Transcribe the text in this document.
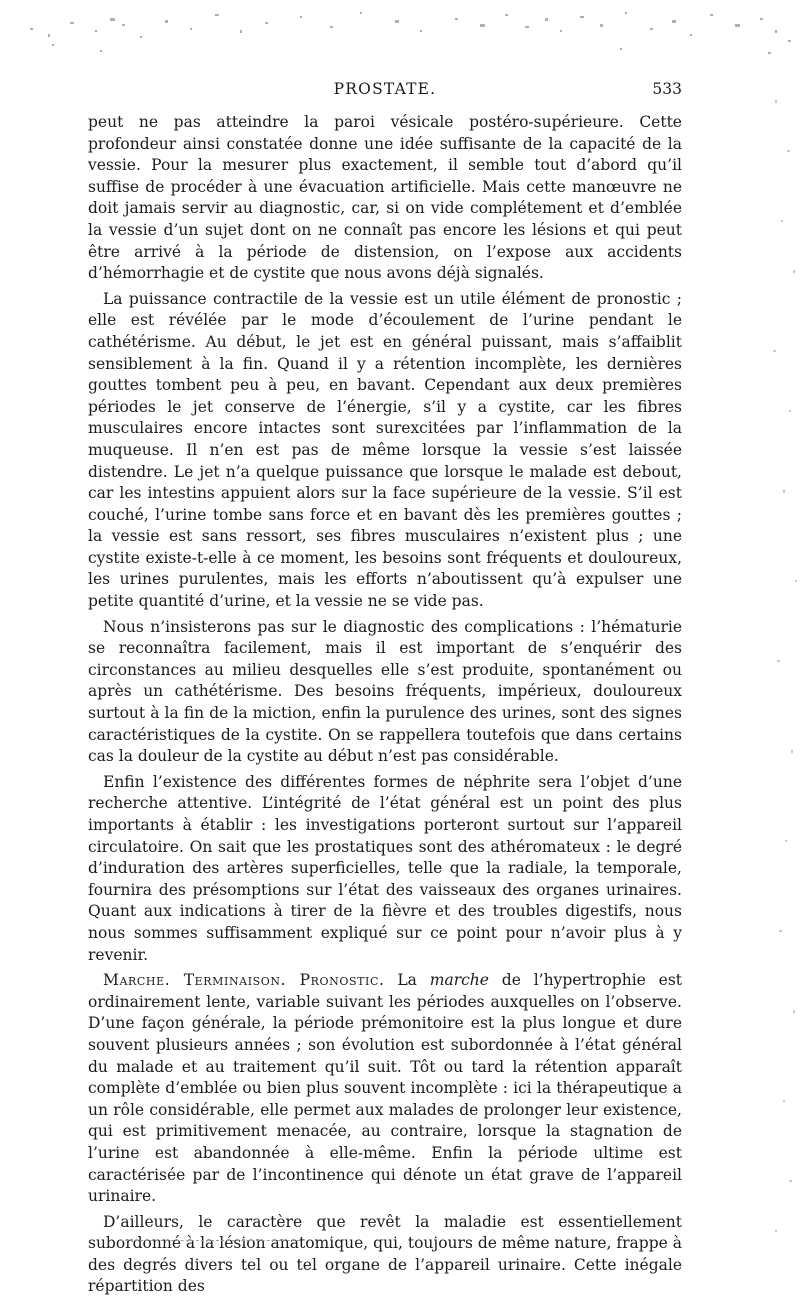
PROSTATE.	533

peut ne pas atteindre la paroi vésicale postéro-supérieure. Cette profondeur ainsi constatée donne une idée suffisante de la capacité de la vessie. Pour la mesurer plus exactement, il semble tout d’abord qu’il suffise de procéder à une évacuation artificielle. Mais cette manœuvre ne doit jamais servir au diagnostic, car, si on vide complétement et d’emblée la vessie d’un sujet dont on ne connaît pas encore les lésions et qui peut être arrivé à la période de distension, on l’expose aux accidents d’hémorrhagie et de cystite que nous avons déjà signalés.

La puissance contractile de la vessie est un utile élément de pronostic ; elle est révélée par le mode d’écoulement de l’urine pendant le cathétérisme. Au début, le jet est en général puissant, mais s’affaiblit sensiblement à la fin. Quand il y a rétention incomplète, les dernières gouttes tombent peu à peu, en bavant. Cependant aux deux premières périodes le jet conserve de l’énergie, s’il y a cystite, car les fibres musculaires encore intactes sont surexcitées par l’inflammation de la muqueuse. Il n’en est pas de même lorsque la vessie s’est laissée distendre. Le jet n’a quelque puissance que lorsque le malade est debout, car les intestins appuient alors sur la face supérieure de la vessie. S’il est couché, l’urine tombe sans force et en bavant dès les premières gouttes ; la vessie est sans ressort, ses fibres musculaires n’existent plus ; une cystite existe-t-elle à ce moment, les besoins sont fréquents et douloureux, les urines purulentes, mais les efforts n’aboutissent qu’à expulser une petite quantité d’urine, et la vessie ne se vide pas.

Nous n’insisterons pas sur le diagnostic des complications : l’hématurie se reconnaîtra facilement, mais il est important de s’enquérir des circonstances au milieu desquelles elle s’est produite, spontanément ou après un cathétérisme. Des besoins fréquents, impérieux, douloureux surtout à la fin de la miction, enfin la purulence des urines, sont des signes caractéristiques de la cystite. On se rappellera toutefois que dans certains cas la douleur de la cystite au début n’est pas considérable.

Enfin l’existence des différentes formes de néphrite sera l’objet d’une recherche attentive. L’intégrité de l’état général est un point des plus importants à établir : les investigations porteront surtout sur l’appareil circulatoire. On sait que les prostatiques sont des athéromateux : le degré d’induration des artères superficielles, telle que la radiale, la temporale, fournira des présomptions sur l’état des vaisseaux des organes urinaires. Quant aux indications à tirer de la fièvre et des troubles digestifs, nous nous sommes suffisamment expliqué sur ce point pour n’avoir plus à y revenir.

Marche. Terminaison. Pronostic. La marche de l’hypertrophie est ordinairement lente, variable suivant les périodes auxquelles on l’observe. D’une façon générale, la période prémonitoire est la plus longue et dure souvent plusieurs années ; son évolution est subordonnée à l’état général du malade et au traitement qu’il suit. Tôt ou tard la rétention apparaît complète d’emblée ou bien plus souvent incomplète : ici la thérapeutique a un rôle considérable, elle permet aux malades de prolonger leur existence, qui est primitivement menacée, au contraire, lorsque la stagnation de l’urine est abandonnée à elle-même. Enfin la période ultime est caractérisée par de l’incontinence qui dénote un état grave de l’appareil urinaire.

D’ailleurs, le caractère que revêt la maladie est essentiellement subordonné à la lésion anatomique, qui, toujours de même nature, frappe à des degrés divers tel ou tel organe de l’appareil urinaire. Cette inégale répartition des
